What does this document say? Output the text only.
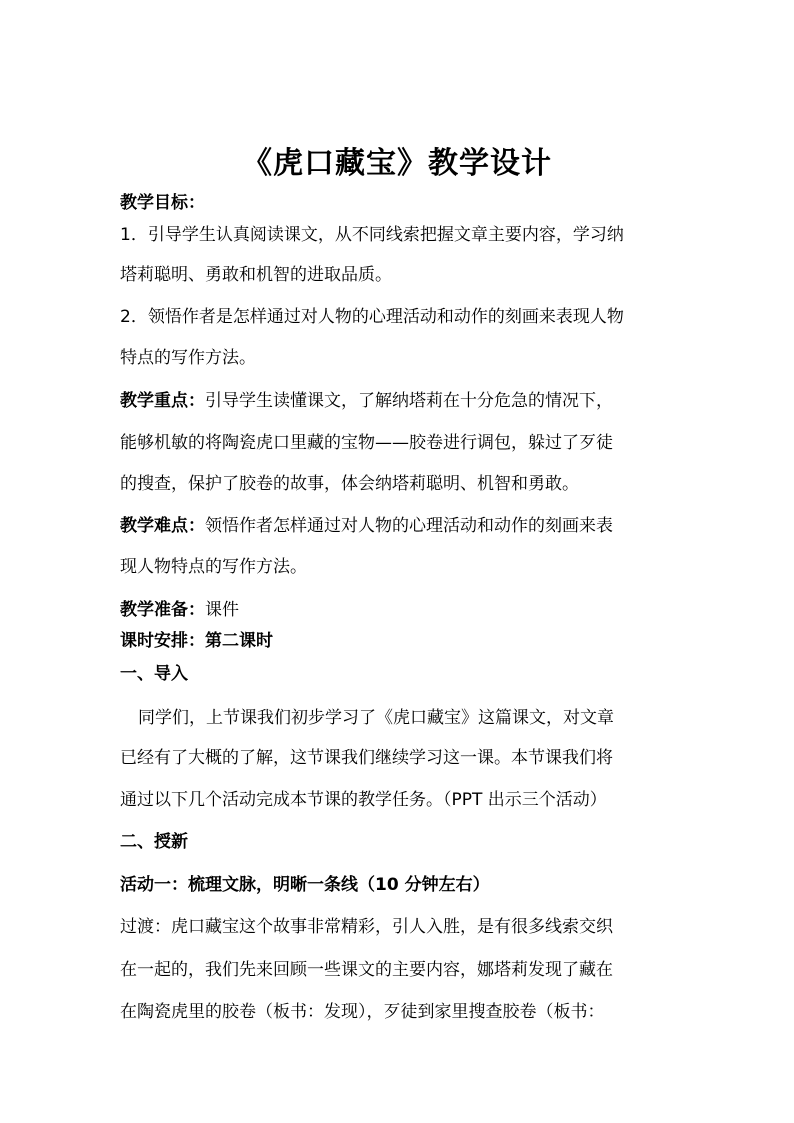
《虎口藏宝》教学设计
教学目标：
1．引导学生认真阅读课文，从不同线索把握文章主要内容，学习纳
塔莉聪明、勇敢和机智的进取品质。
2．领悟作者是怎样通过对人物的心理活动和动作的刻画来表现人物
特点的写作方法。
教学重点：引导学生读懂课文，了解纳塔莉在十分危急的情况下，
能够机敏的将陶瓷虎口里藏的宝物——胶卷进行调包，躲过了歹徒
的搜查，保护了胶卷的故事，体会纳塔莉聪明、机智和勇敢。
教学难点：领悟作者怎样通过对人物的心理活动和动作的刻画来表
现人物特点的写作方法。
教学准备：课件
课时安排：第二课时
一、导入
同学们，上节课我们初步学习了《虎口藏宝》这篇课文，对文章
已经有了大概的了解，这节课我们继续学习这一课。本节课我们将
通过以下几个活动完成本节课的教学任务。（PPT 出示三个活动）
二、授新
活动一：梳理文脉，明晰一条线（10 分钟左右）
过渡：虎口藏宝这个故事非常精彩，引人入胜，是有很多线索交织
在一起的，我们先来回顾一些课文的主要内容，娜塔莉发现了藏在
在陶瓷虎里的胶卷（板书：发现），歹徒到家里搜查胶卷（板书：
